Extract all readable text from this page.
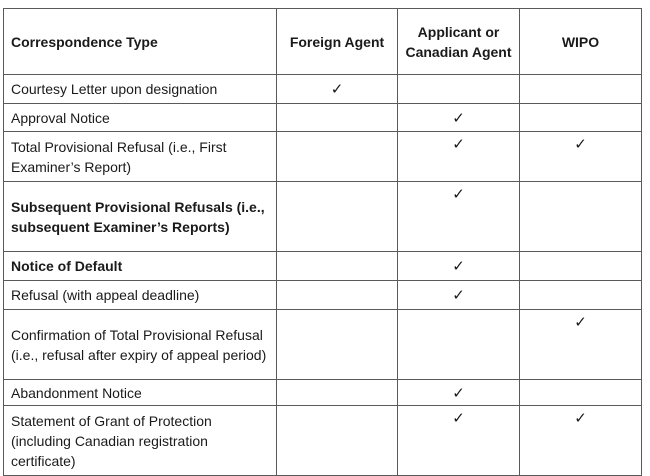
Correspondence Type	Foreign Agent	Applicant or Canadian Agent	WIPO
Courtesy Letter upon designation	✓		
Approval Notice		✓	
Total Provisional Refusal (i.e., First Examiner’s Report)		✓	✓
Subsequent Provisional Refusals (i.e., subsequent Examiner’s Reports)		✓	
Notice of Default		✓	
Refusal (with appeal deadline)		✓	
Confirmation of Total Provisional Refusal (i.e., refusal after expiry of appeal period)			✓
Abandonment Notice		✓	
Statement of Grant of Protection (including Canadian registration certificate)		✓	✓
